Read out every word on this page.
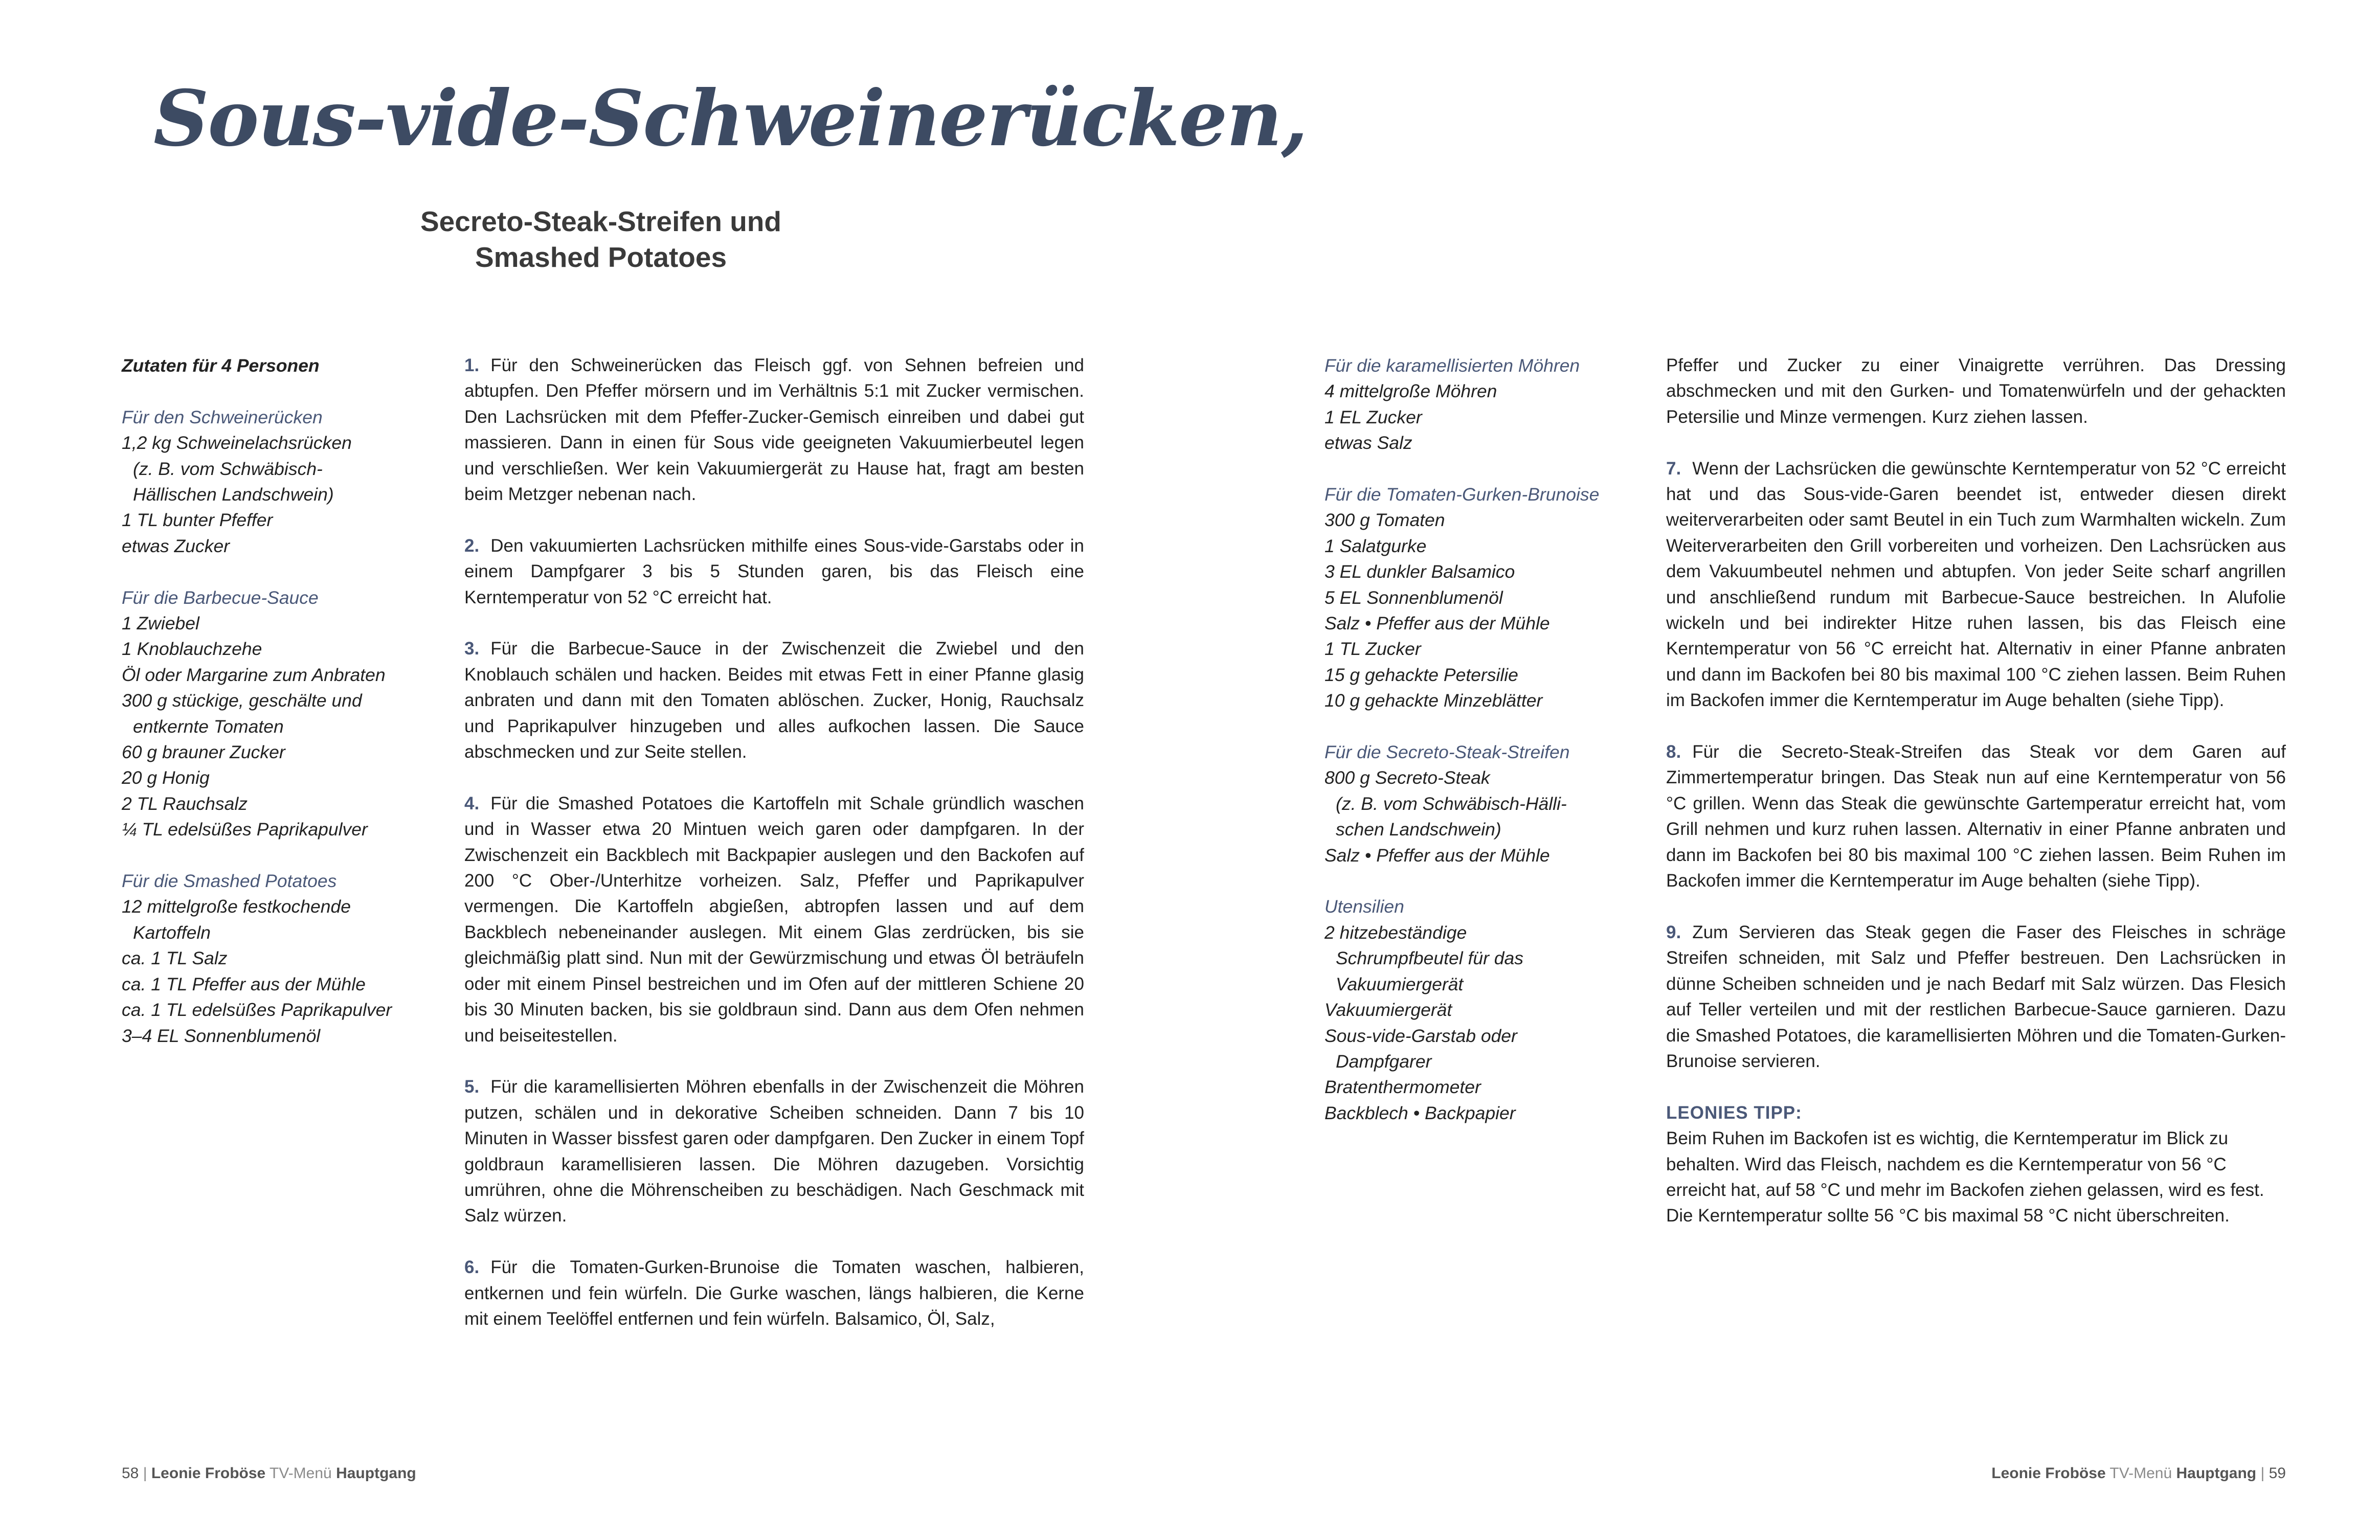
Sous-vide-Schweinerücken,
Secreto-Steak-Streifen und
Smashed Potatoes
Zutaten für 4 Personen
Für den Schweinerücken
1,2 kg Schweinelachsrücken
(z. B. vom Schwäbisch-
Hällischen Landschwein)
1 TL bunter Pfeffer
etwas Zucker
Für die Barbecue-Sauce
1 Zwiebel
1 Knoblauchzehe
Öl oder Margarine zum Anbraten
300 g stückige, geschälte und
entkernte Tomaten
60 g brauner Zucker
20 g Honig
2 TL Rauchsalz
¼ TL edelsüßes Paprikapulver
Für die Smashed Potatoes
12 mittelgroße festkochende
Kartoffeln
ca. 1 TL Salz
ca. 1 TL Pfeffer aus der Mühle
ca. 1 TL edelsüßes Paprikapulver
3–4 EL Sonnenblumenöl

1. Für den Schweinerücken das Fleisch ggf. von Sehnen befreien und abtupfen. Den Pfeffer mörsern und im Verhältnis 5:1 mit Zucker vermischen. Den Lachsrücken mit dem Pfeffer-Zucker-Gemisch einreiben und dabei gut massieren. Dann in einen für Sous vide geeigneten Vakuumierbeutel legen und verschließen. Wer kein Vakuumiergerät zu Hause hat, fragt am besten beim Metzger nebenan nach.

2. Den vakuumierten Lachsrücken mithilfe eines Sous-vide-Garstabs oder in einem Dampfgarer 3 bis 5 Stunden garen, bis das Fleisch eine Kerntemperatur von 52 °C erreicht hat.

3. Für die Barbecue-Sauce in der Zwischenzeit die Zwiebel und den Knoblauch schälen und hacken. Beides mit etwas Fett in einer Pfanne glasig anbraten und dann mit den Tomaten ablöschen. Zucker, Honig, Rauchsalz und Paprikapulver hinzugeben und alles aufkochen lassen. Die Sauce abschmecken und zur Seite stellen.

4. Für die Smashed Potatoes die Kartoffeln mit Schale gründlich waschen und in Wasser etwa 20 Mintuen weich garen oder dampfgaren. In der Zwischenzeit ein Backblech mit Backpapier auslegen und den Backofen auf 200 °C Ober-/Unterhitze vorheizen. Salz, Pfeffer und Paprikapulver vermengen. Die Kartoffeln abgießen, abtropfen lassen und auf dem Backblech nebeneinander auslegen. Mit einem Glas zerdrücken, bis sie gleichmäßig platt sind. Nun mit der Gewürzmischung und etwas Öl beträufeln oder mit einem Pinsel bestreichen und im Ofen auf der mittleren Schiene 20 bis 30 Minuten backen, bis sie goldbraun sind. Dann aus dem Ofen nehmen und beiseitestellen.

5. Für die karamellisierten Möhren ebenfalls in der Zwischenzeit die Möhren putzen, schälen und in dekorative Scheiben schneiden. Dann 7 bis 10 Minuten in Wasser bissfest garen oder dampfgaren. Den Zucker in einem Topf goldbraun karamellisieren lassen. Die Möhren dazugeben. Vorsichtig umrühren, ohne die Möhrenscheiben zu beschädigen. Nach Geschmack mit Salz würzen.

6. Für die Tomaten-Gurken-Brunoise die Tomaten waschen, halbieren, entkernen und fein würfeln. Die Gurke waschen, längs halbieren, die Kerne mit einem Teelöffel entfernen und fein würfeln. Balsamico, Öl, Salz,

Für die karamellisierten Möhren
4 mittelgroße Möhren
1 EL Zucker
etwas Salz
Für die Tomaten-Gurken-Brunoise
300 g Tomaten
1 Salatgurke
3 EL dunkler Balsamico
5 EL Sonnenblumenöl
Salz • Pfeffer aus der Mühle
1 TL Zucker
15 g gehackte Petersilie
10 g gehackte Minzeblätter
Für die Secreto-Steak-Streifen
800 g Secreto-Steak
(z. B. vom Schwäbisch-Hälli-
schen Landschwein)
Salz • Pfeffer aus der Mühle
Utensilien
2 hitzebeständige
Schrumpfbeutel für das
Vakuumiergerät
Vakuumiergerät
Sous-vide-Garstab oder
Dampfgarer
Bratenthermometer
Backblech • Backpapier

Pfeffer und Zucker zu einer Vinaigrette verrühren. Das Dressing abschmecken und mit den Gurken- und Tomatenwürfeln und der gehackten Petersilie und Minze vermengen. Kurz ziehen lassen.

7. Wenn der Lachsrücken die gewünschte Kerntemperatur von 52 °C erreicht hat und das Sous-vide-Garen beendet ist, entweder diesen direkt weiterverarbeiten oder samt Beutel in ein Tuch zum Warmhalten wickeln. Zum Weiterverarbeiten den Grill vorbereiten und vorheizen. Den Lachsrücken aus dem Vakuumbeutel nehmen und abtupfen. Von jeder Seite scharf angrillen und anschließend rundum mit Barbecue-Sauce bestreichen. In Alufolie wickeln und bei indirekter Hitze ruhen lassen, bis das Fleisch eine Kerntemperatur von 56 °C erreicht hat. Alternativ in einer Pfanne anbraten und dann im Backofen bei 80 bis maximal 100 °C ziehen lassen. Beim Ruhen im Backofen immer die Kerntemperatur im Auge behalten (siehe Tipp).

8. Für die Secreto-Steak-Streifen das Steak vor dem Garen auf Zimmertemperatur bringen. Das Steak nun auf eine Kerntemperatur von 56 °C grillen. Wenn das Steak die gewünschte Gartemperatur erreicht hat, vom Grill nehmen und kurz ruhen lassen. Alternativ in einer Pfanne anbraten und dann im Backofen bei 80 bis maximal 100 °C ziehen lassen. Beim Ruhen im Backofen immer die Kerntemperatur im Auge behalten (siehe Tipp).

9. Zum Servieren das Steak gegen die Faser des Fleisches in schräge Streifen schneiden, mit Salz und Pfeffer bestreuen. Den Lachsrücken in dünne Scheiben schneiden und je nach Bedarf mit Salz würzen. Das Flesich auf Teller verteilen und mit der restlichen Barbecue-Sauce garnieren. Dazu die Smashed Potatoes, die karamellisierten Möhren und die Tomaten-Gurken-Brunoise servieren.

LEONIES TIPP:

Beim Ruhen im Backofen ist es wichtig, die Kerntemperatur im Blick zu behalten. Wird das Fleisch, nachdem es die Kerntemperatur von 56 °C erreicht hat, auf 58 °C und mehr im Backofen ziehen gelassen, wird es fest. Die Kerntemperatur sollte 56 °C bis maximal 58 °C nicht überschreiten.

58 | Leonie Froböse TV-Menü Hauptgang	Leonie Froböse TV-Menü Hauptgang | 59
